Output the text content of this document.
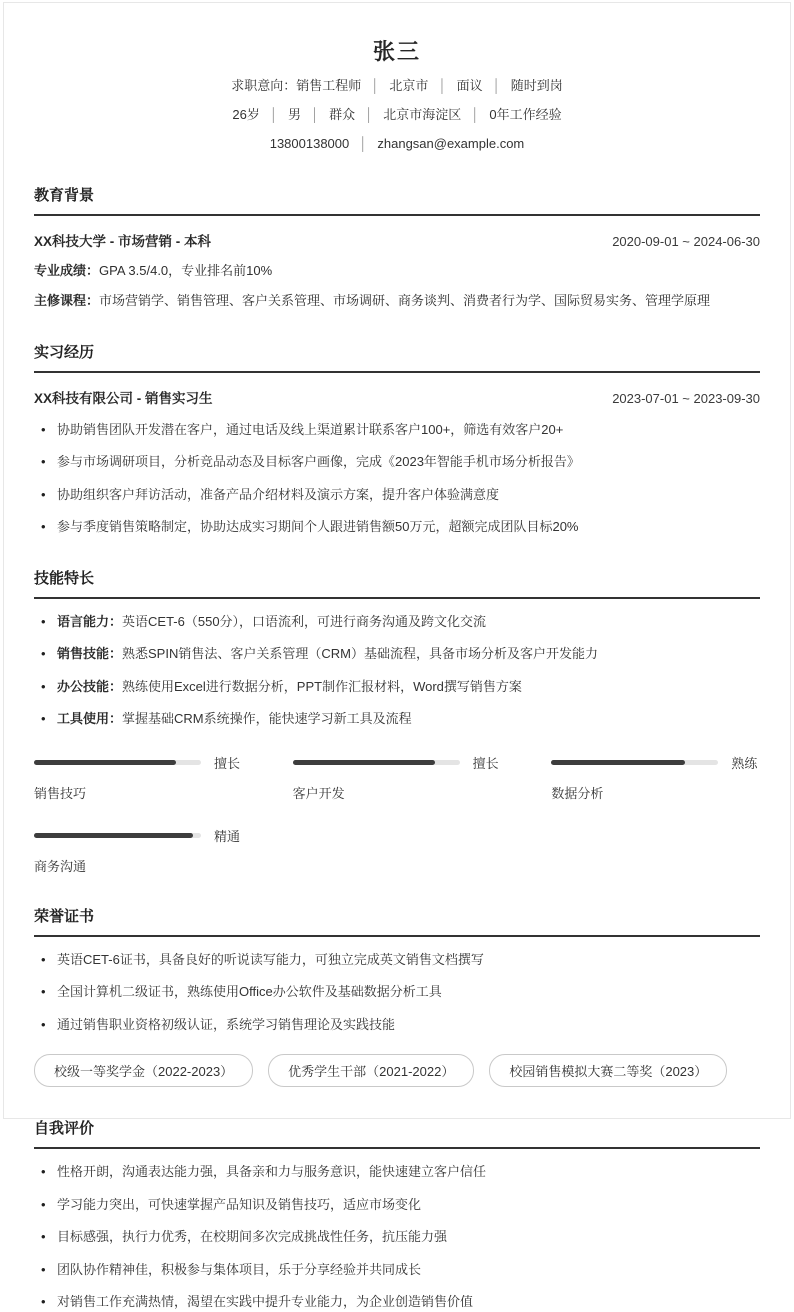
张三
求职意向：销售工程师 │ 北京市 │ 面议 │ 随时到岗
26岁 │ 男 │ 群众 │ 北京市海淀区 │ 0年工作经验
13800138000 │ zhangsan@example.com
教育背景
XX科技大学 - 市场营销 - 本科	2020-09-01 ~ 2024-06-30
专业成绩：GPA 3.5/4.0，专业排名前10%
主修课程：市场营销学、销售管理、客户关系管理、市场调研、商务谈判、消费者行为学、国际贸易实务、管理学原理
实习经历
XX科技有限公司 - 销售实习生	2023-07-01 ~ 2023-09-30
• 协助销售团队开发潜在客户，通过电话及线上渠道累计联系客户100+，筛选有效客户20+
• 参与市场调研项目，分析竞品动态及目标客户画像，完成《2023年智能手机市场分析报告》
• 协助组织客户拜访活动，准备产品介绍材料及演示方案，提升客户体验满意度
• 参与季度销售策略制定，协助达成实习期间个人跟进销售额50万元，超额完成团队目标20%
技能特长
• 语言能力：英语CET-6（550分），口语流利，可进行商务沟通及跨文化交流
• 销售技能：熟悉SPIN销售法、客户关系管理（CRM）基础流程，具备市场分析及客户开发能力
• 办公技能：熟练使用Excel进行数据分析，PPT制作汇报材料，Word撰写销售方案
• 工具使用：掌握基础CRM系统操作，能快速学习新工具及流程
擅长
销售技巧
擅长
客户开发
熟练
数据分析
精通
商务沟通
荣誉证书
• 英语CET-6证书，具备良好的听说读写能力，可独立完成英文销售文档撰写
• 全国计算机二级证书，熟练使用Office办公软件及基础数据分析工具
• 通过销售职业资格初级认证，系统学习销售理论及实践技能
校级一等奖学金（2022-2023）	优秀学生干部（2021-2022）	校园销售模拟大赛二等奖（2023）
自我评价
• 性格开朗，沟通表达能力强，具备亲和力与服务意识，能快速建立客户信任
• 学习能力突出，可快速掌握产品知识及销售技巧，适应市场变化
• 目标感强，执行力优秀，在校期间多次完成挑战性任务，抗压能力强
• 团队协作精神佳，积极参与集体项目，乐于分享经验并共同成长
• 对销售工作充满热情，渴望在实践中提升专业能力，为企业创造销售价值
